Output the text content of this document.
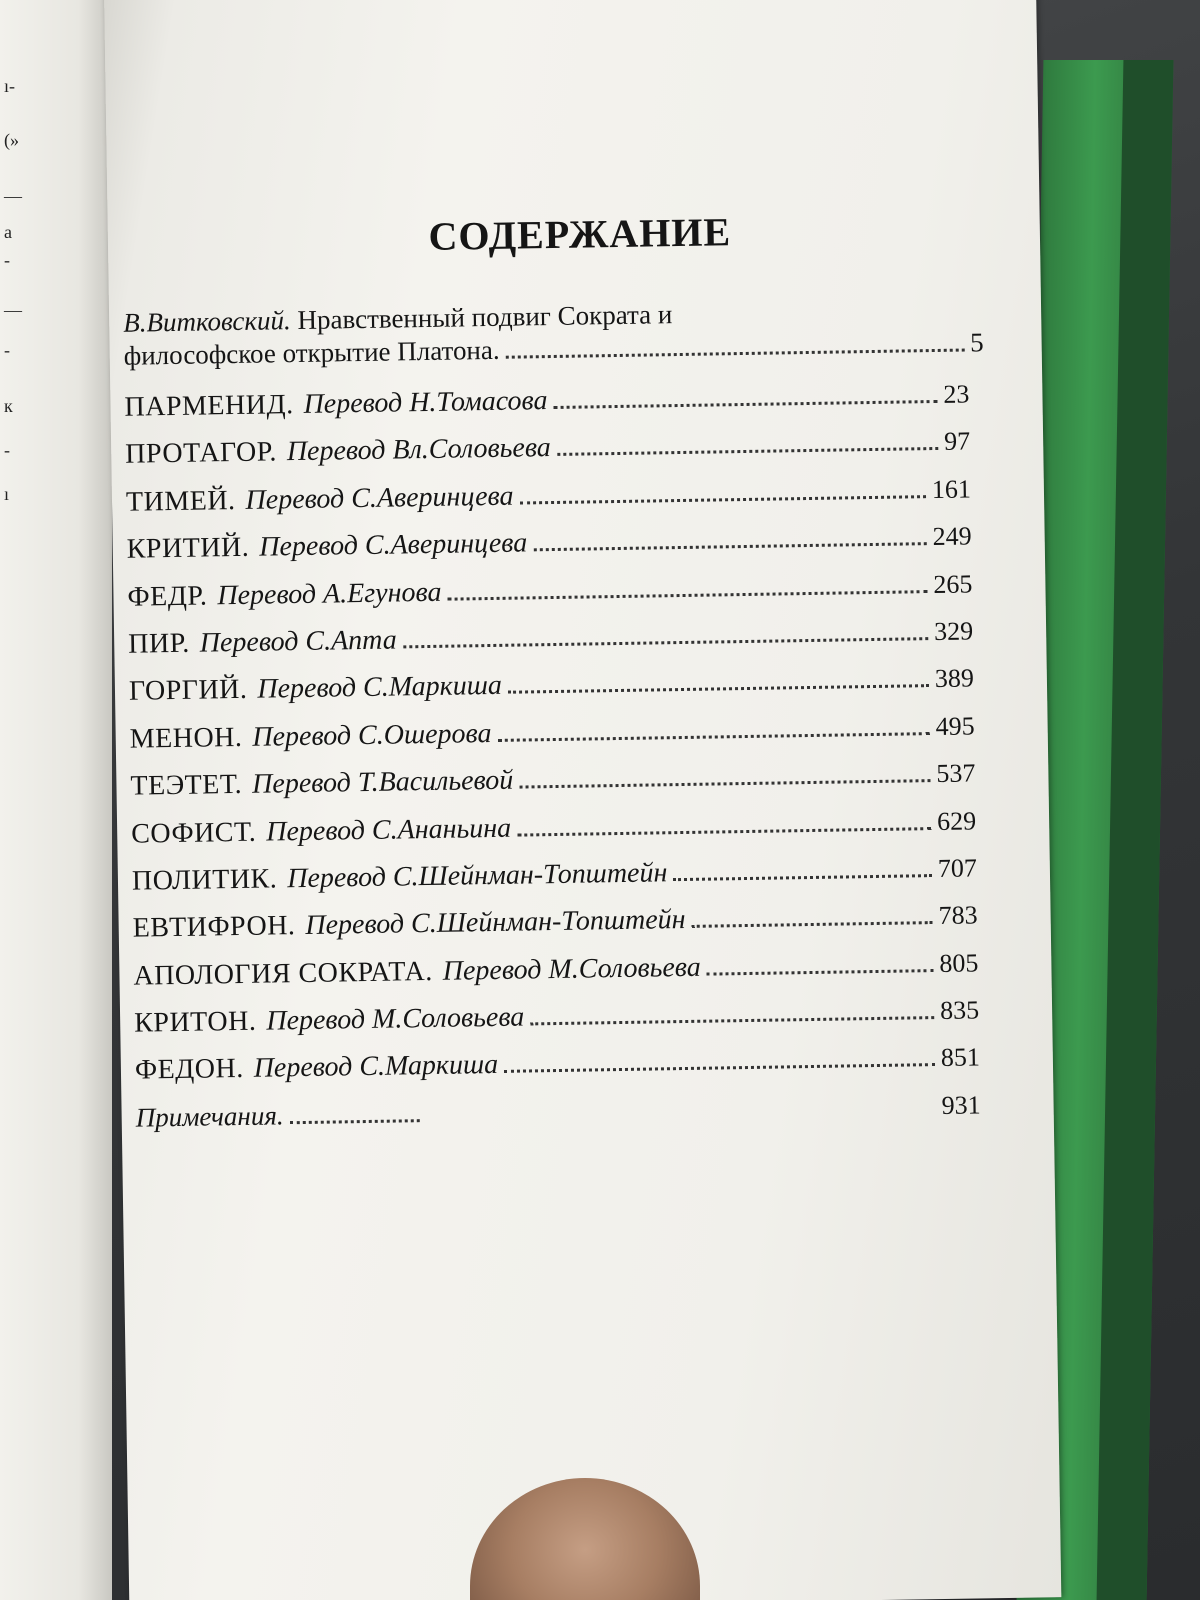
ı-
(»
—
а
-
—
-
к
-
ı
СОДЕРЖАНИЕ
В.Витковский. Нравственный подвиг Сократа и
философское открытие Платона.	5
ПАРМЕНИД. Перевод Н.Томасова	23
ПРОТАГОР. Перевод Вл.Соловьева	97
ТИМЕЙ. Перевод С.Аверинцева	161
КРИТИЙ. Перевод С.Аверинцева	249
ФЕДР. Перевод А.Егунова	265
ПИР. Перевод С.Апта	329
ГОРГИЙ. Перевод С.Маркиша	389
МЕНОН. Перевод С.Ошерова	495
ТЕЭТЕТ. Перевод Т.Васильевой	537
СОФИСТ. Перевод С.Ананьина	629
ПОЛИТИК. Перевод С.Шейнман-Топштейн	707
ЕВТИФРОН. Перевод С.Шейнман-Топштейн	783
АПОЛОГИЯ СОКРАТА. Перевод М.Соловьева	805
КРИТОН. Перевод М.Соловьева	835
ФЕДОН. Перевод С.Маркиша	851
Примечания.	931
